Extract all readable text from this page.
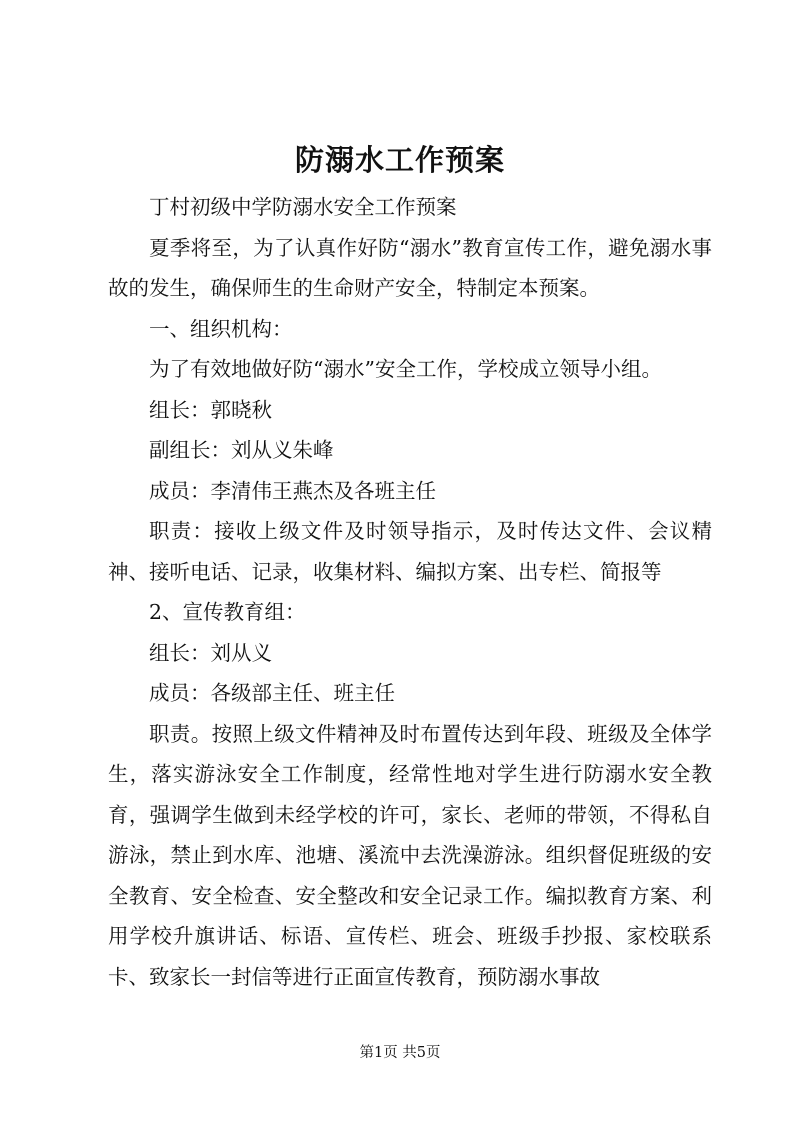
防溺水工作预案

丁村初级中学防溺水安全工作预案

夏季将至，为了认真作好防“溺水”教育宣传工作，避免溺水事故的发生，确保师生的生命财产安全，特制定本预案。

一、组织机构：

为了有效地做好防“溺水”安全工作，学校成立领导小组。

组长：郭晓秋

副组长：刘从义朱峰

成员：李清伟王燕杰及各班主任

职责：接收上级文件及时领导指示，及时传达文件、会议精神、接听电话、记录，收集材料、编拟方案、出专栏、简报等

2、宣传教育组：

组长：刘从义

成员：各级部主任、班主任

职责。按照上级文件精神及时布置传达到年段、班级及全体学生，落实游泳安全工作制度，经常性地对学生进行防溺水安全教育，强调学生做到未经学校的许可，家长、老师的带领，不得私自游泳，禁止到水库、池塘、溪流中去洗澡游泳。组织督促班级的安全教育、安全检查、安全整改和安全记录工作。编拟教育方案、利用学校升旗讲话、标语、宣传栏、班会、班级手抄报、家校联系卡、致家长一封信等进行正面宣传教育，预防溺水事故

第1页 共5页
